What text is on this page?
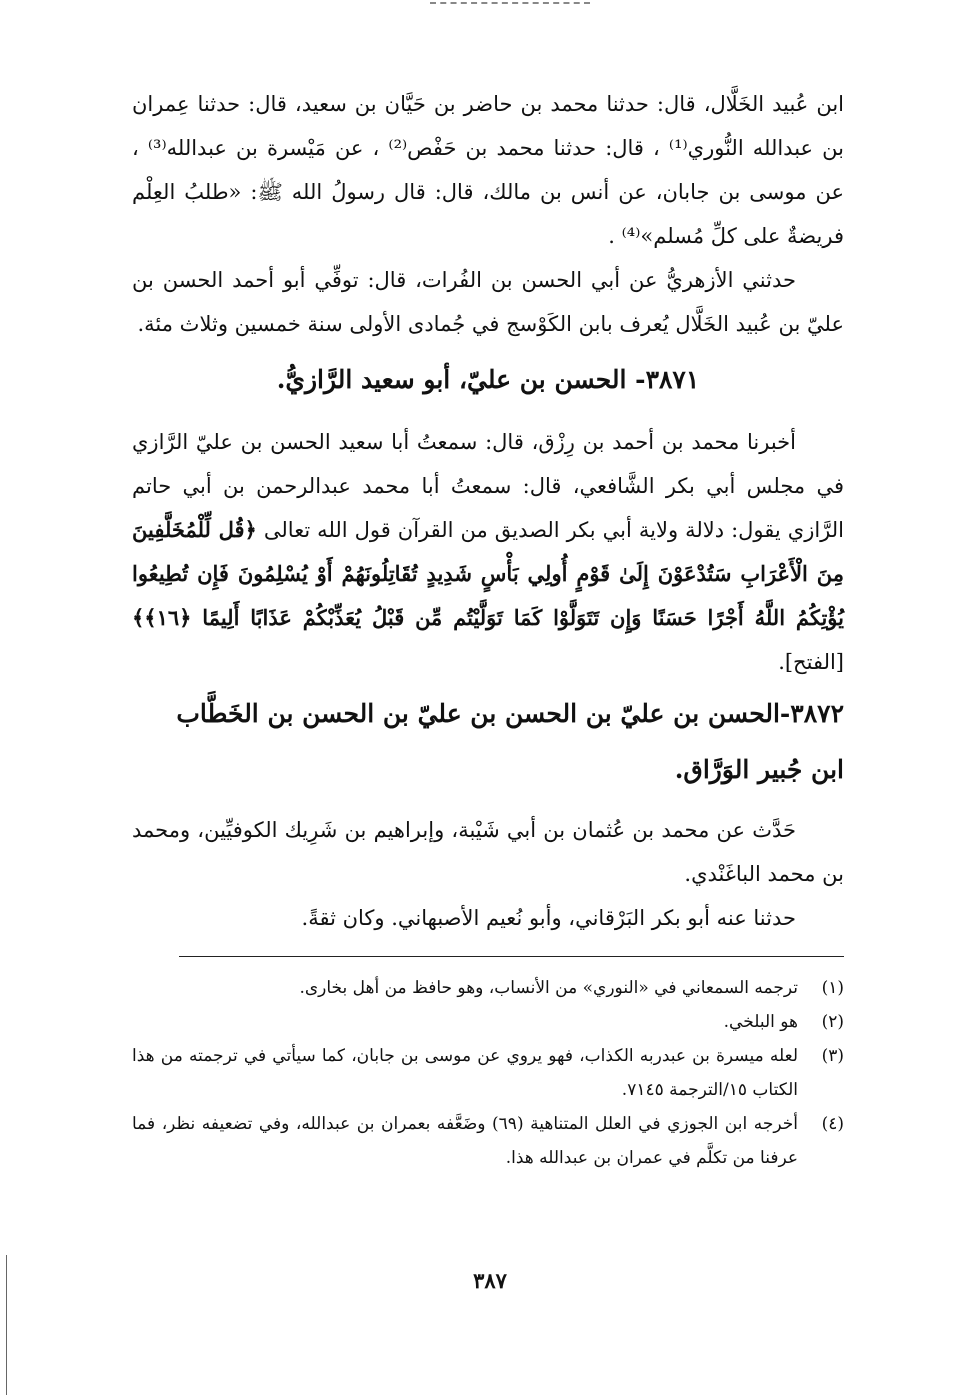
ابن عُبيد الخَلَّال، قال: حدثنا محمد بن حاضر بن حَيَّان بن سعيد، قال: حدثنا عِمران بن عبدالله النُّوري⁽¹⁾ ، قال: حدثنا محمد بن حَفْص⁽²⁾ ، عن مَيْسرة بن عبدالله⁽³⁾ ، عن موسى بن جابان، عن أنس بن مالك، قال: قال رسولُ الله ﷺ: «طلبُ العِلْم فريضةٌ على كلِّ مُسلم»⁽⁴⁾ .

حدثني الأزهريُّ عن أبي الحسن بن الفُرات، قال: توفِّي أبو أحمد الحسن بن عليّ بن عُبيد الخَلَّال يُعرف بابن الكَوْسج في جُمادى الأولى سنة خمسين وثلاث مئة.

٣٨٧١- الحسن بن عليّ، أبو سعيد الرَّازيُّ.

أخبرنا محمد بن أحمد بن رِزْق، قال: سمعتُ أبا سعيد الحسن بن عليّ الرَّازي في مجلس أبي بكر الشَّافعي، قال: سمعتُ أبا محمد عبدالرحمن بن أبي حاتم الرَّازي يقول: دلالة ولاية أبي بكر الصديق من القرآن قول الله تعالى ﴿قُل لِّلْمُخَلَّفِينَ مِنَ الْأَعْرَابِ سَتُدْعَوْنَ إِلَىٰ قَوْمٍ أُولِي بَأْسٍ شَدِيدٍ تُقَاتِلُونَهُمْ أَوْ يُسْلِمُونَ فَإِن تُطِيعُوا يُؤْتِكُمُ اللَّهُ أَجْرًا حَسَنًا وَإِن تَتَوَلَّوْا كَمَا تَوَلَّيْتُم مِّن قَبْلُ يُعَذِّبْكُمْ عَذَابًا أَلِيمًا ﴿١٦﴾﴾ [الفتح].

٣٨٧٢-الحسن بن عليّ بن الحسن بن عليّ بن الحسن بن الخَطَّاب

ابن جُبير الوَرَّاق.

حَدَّث عن محمد بن عُثمان بن أبي شَيْبة، وإبراهيم بن شَرِيك الكوفيِّين، ومحمد بن محمد الباغَنْدي.

حدثنا عنه أبو بكر البَرْقاني، وأبو نُعيم الأصبهاني. وكان ثقةً.

(١)
ترجمه السمعاني في «النوري» من الأنساب، وهو حافظ من أهل بخارى.
(٢)
هو البلخي.
(٣)
لعله ميسرة بن عبدربه الكذاب، فهو يروي عن موسى بن جابان، كما سيأتي في ترجمته من هذا الكتاب ١٥/الترجمة ٧١٤٥.
(٤)
أخرجه ابن الجوزي في العلل المتناهية (٦٩) وضَعَّفه بعمران بن عبدالله، وفي تضعيفه نظر، فما عرفنا من تكلَّم في عمران بن عبدالله هذا.
٣٨٧
